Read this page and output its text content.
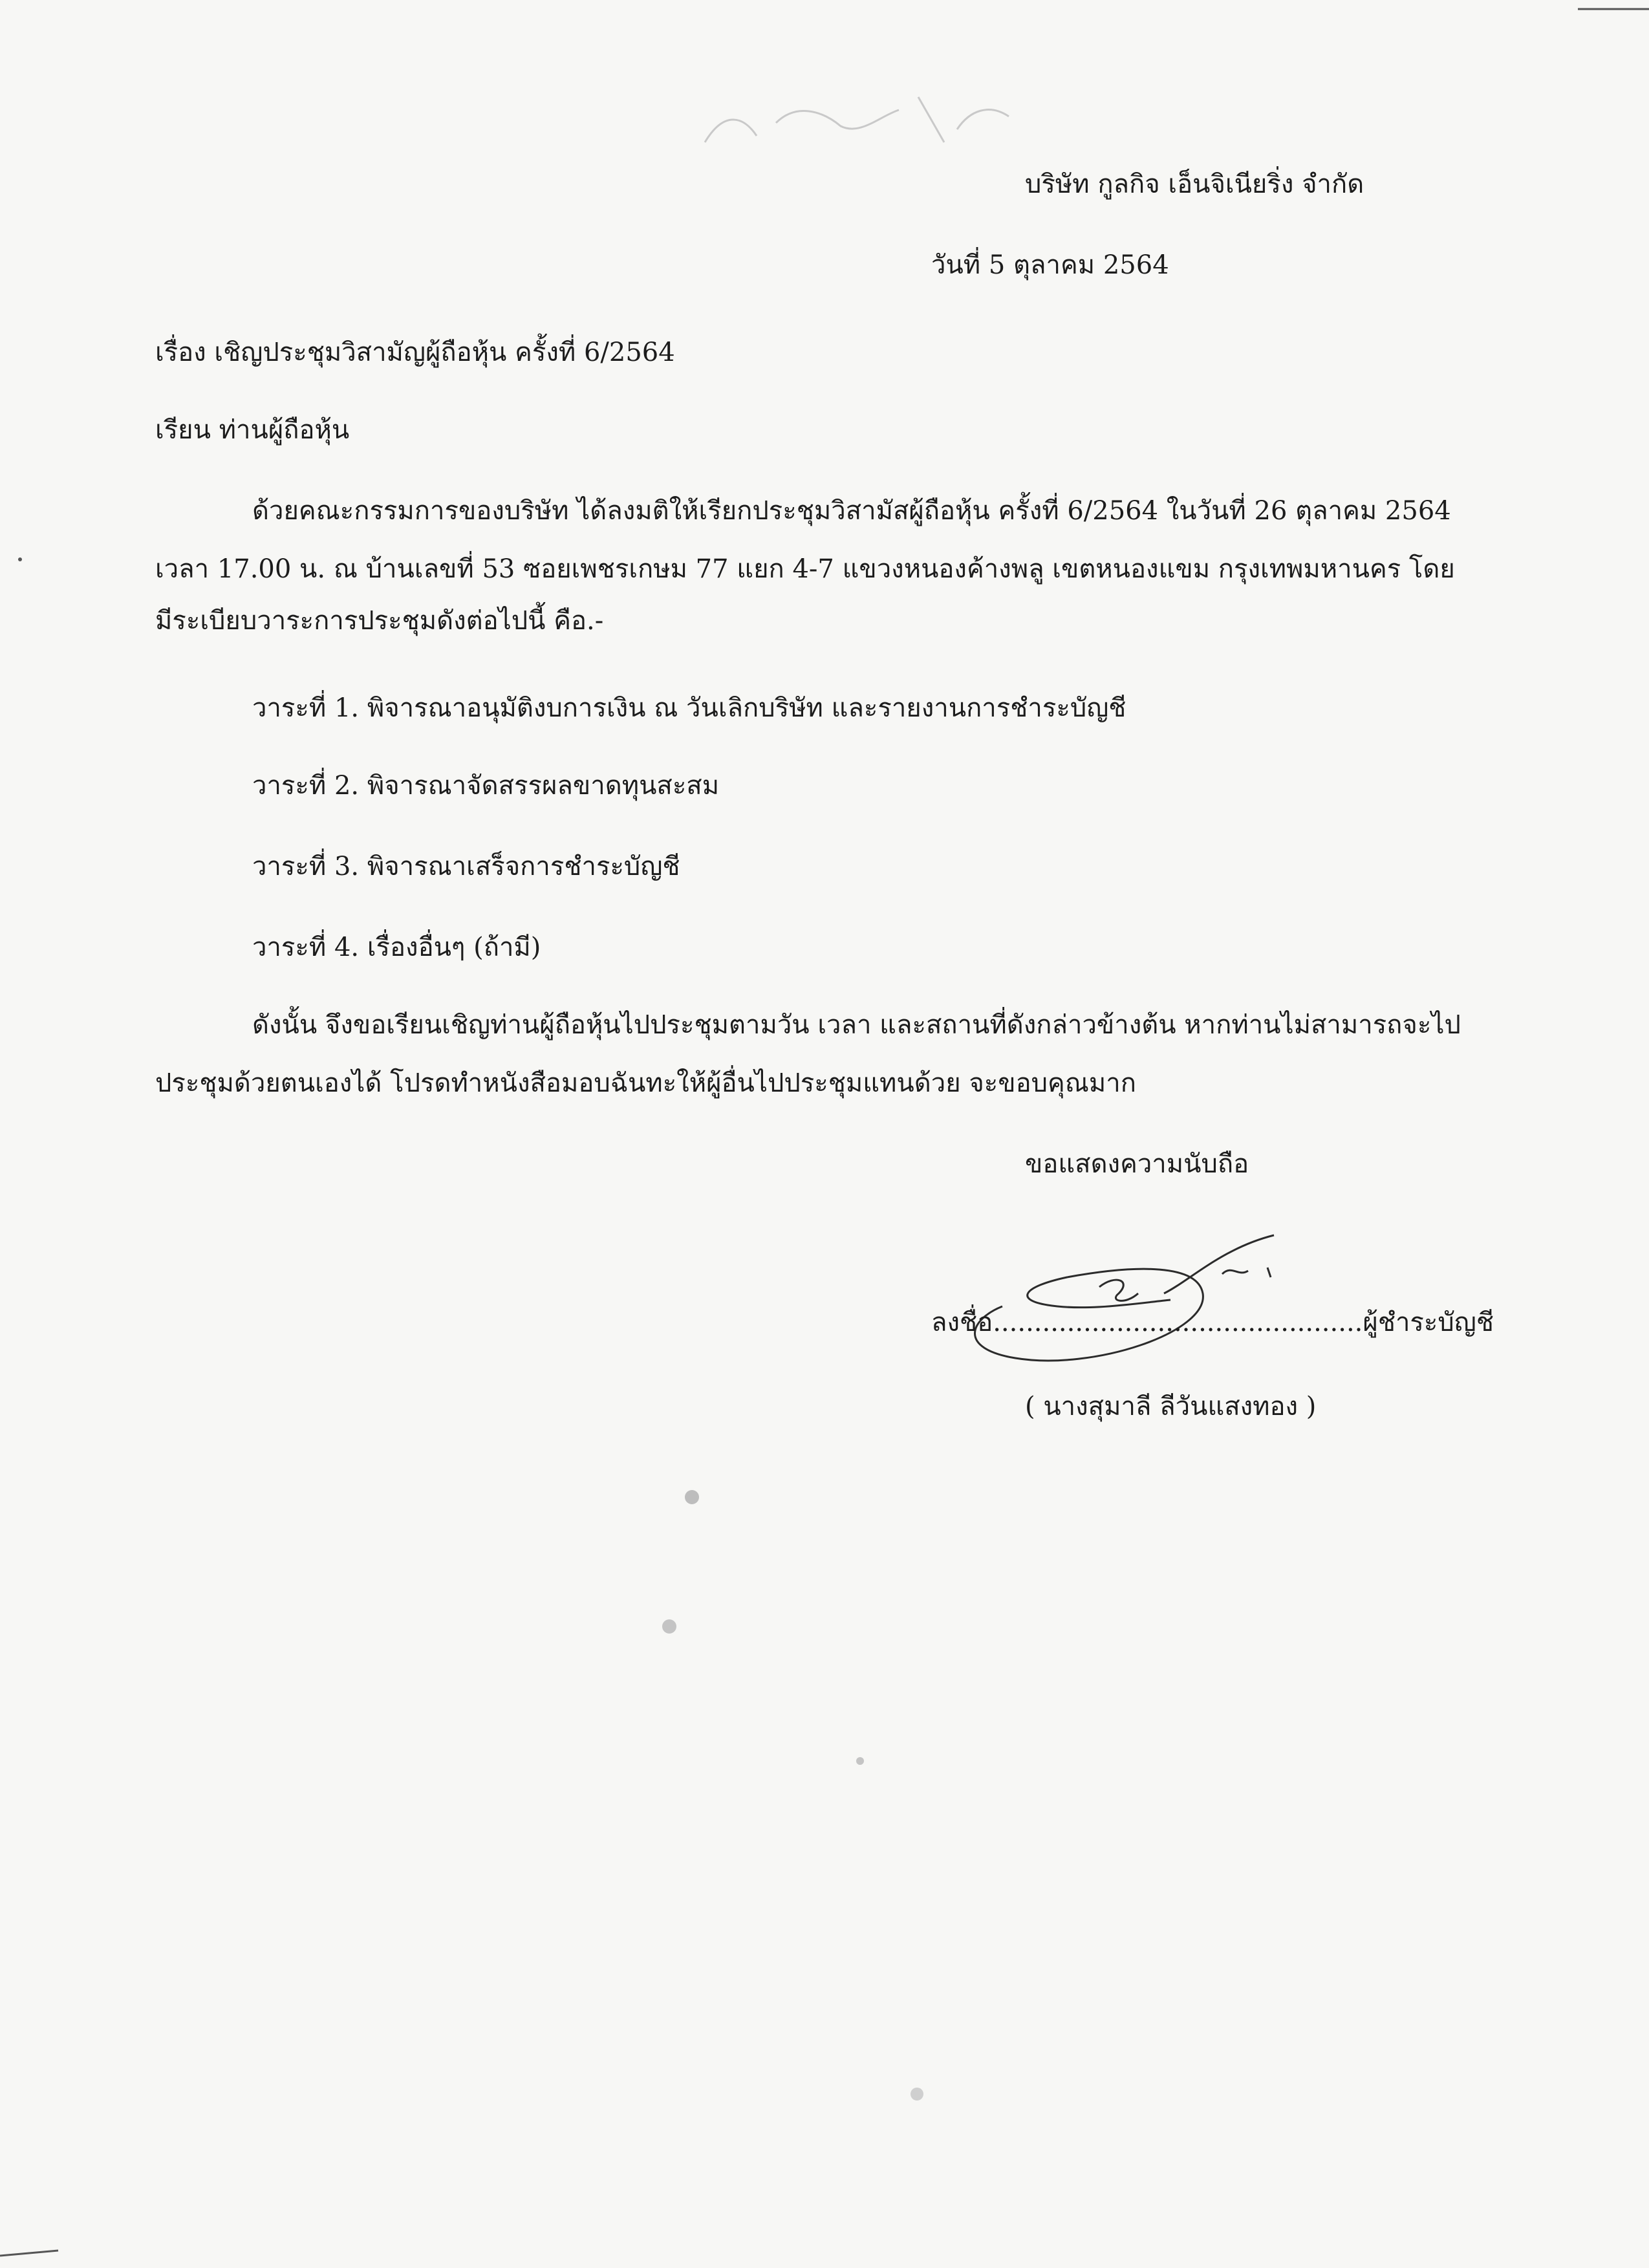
บริษัท กูลกิจ เอ็นจิเนียริ่ง จำกัด
วันที่ 5 ตุลาคม 2564
เรื่อง เชิญประชุมวิสามัญผู้ถือหุ้น ครั้งที่ 6/2564
เรียน ท่านผู้ถือหุ้น
ด้วยคณะกรรมการของบริษัท ได้ลงมติให้เรียกประชุมวิสามัสผู้ถือหุ้น ครั้งที่ 6/2564 ในวันที่ 26 ตุลาคม 2564
เวลา 17.00 น. ณ บ้านเลขที่ 53 ซอยเพชรเกษม 77 แยก 4-7 แขวงหนองค้างพลู เขตหนองแขม กรุงเทพมหานคร โดย
มีระเบียบวาระการประชุมดังต่อไปนี้ คือ.-
วาระที่ 1. พิจารณาอนุมัติงบการเงิน ณ วันเลิกบริษัท และรายงานการชำระบัญชี
วาระที่ 2. พิจารณาจัดสรรผลขาดทุนสะสม
วาระที่ 3. พิจารณาเสร็จการชำระบัญชี
วาระที่ 4. เรื่องอื่นๆ (ถ้ามี)
ดังนั้น จึงขอเรียนเชิญท่านผู้ถือหุ้นไปประชุมตามวัน เวลา และสถานที่ดังกล่าวข้างต้น หากท่านไม่สามารถจะไป
ประชุมด้วยตนเองได้ โปรดทำหนังสือมอบฉันทะให้ผู้อื่นไปประชุมแทนด้วย จะขอบคุณมาก
ขอแสดงความนับถือ
ลงชื่อ.............................................ผู้ชำระบัญชี
( นางสุมาลี ลีวันแสงทอง )
